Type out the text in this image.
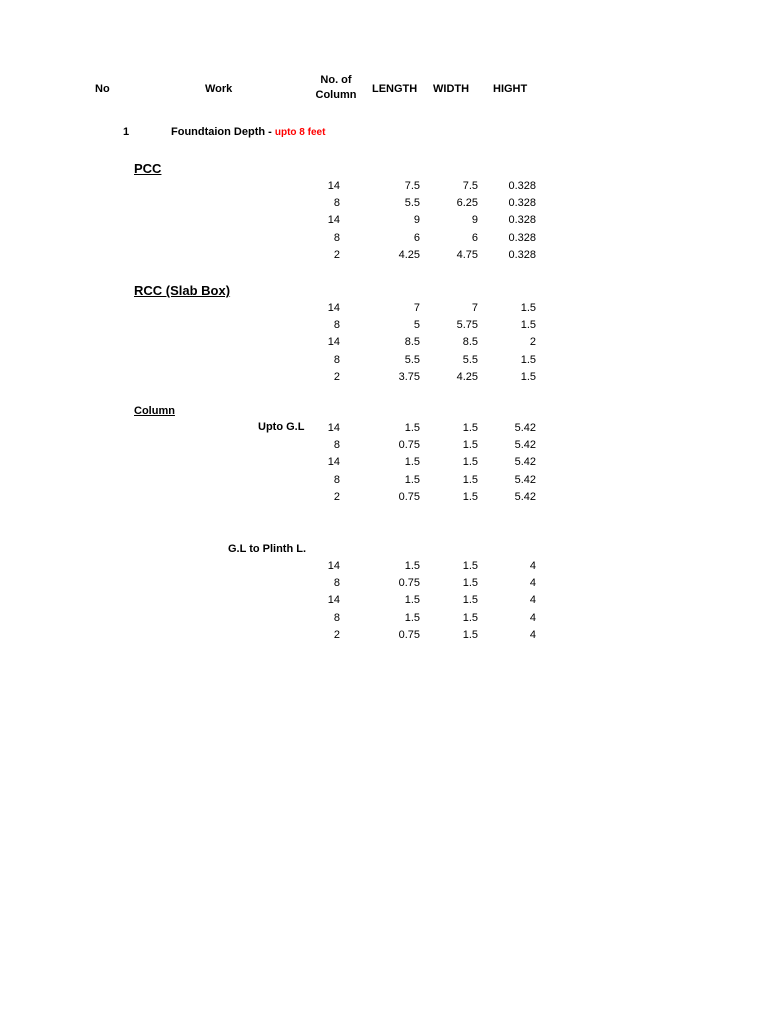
No	Work
No. of
Column	LENGTH WIDTH HIGHT
1	Foundtaion Depth - upto 8 feet
PCC
14	7.5	7.5	0.328
8	5.5	6.25	0.328
14	9	9	0.328
8	6	6	0.328
2	4.25	4.75	0.328
RCC (Slab Box)
14	7	7	1.5
8	5	5.75	1.5
14	8.5	8.5	2
8	5.5	5.5	1.5
2	3.75	4.25	1.5
Column
Upto G.L	14	1.5	1.5	5.42
8	0.75	1.5	5.42
14	1.5	1.5	5.42
8	1.5	1.5	5.42
2	0.75	1.5	5.42
G.L to Plinth L.
14	1.5	1.5	4
8	0.75	1.5	4
14	1.5	1.5	4
8	1.5	1.5	4
2	0.75	1.5	4
